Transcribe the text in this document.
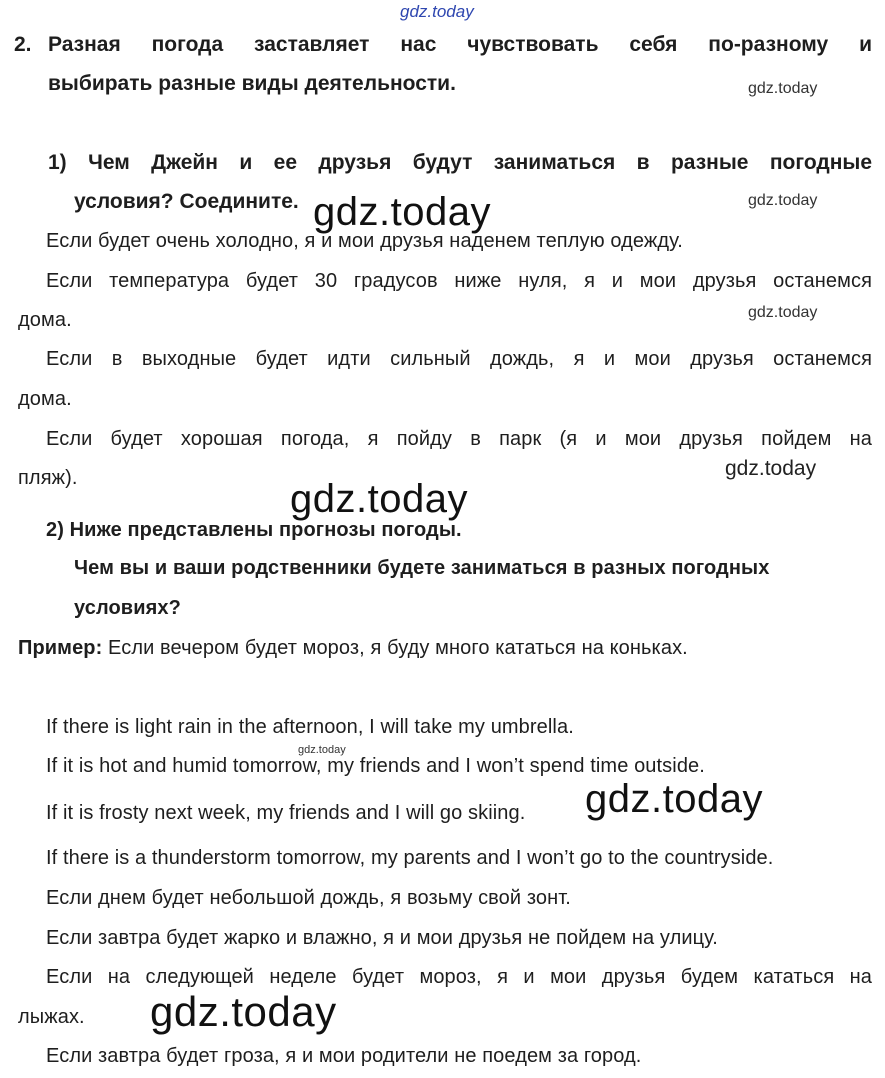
gdz.today
2. Разная погода заставляет нас чувствовать себя по-разному и
выбирать разные виды деятельности.	gdz.today
1) Чем Джейн и ее друзья будут заниматься в разные погодные
условия? Соедините.	gdz.today
gdz.today
Если будет очень холодно, я и мои друзья наденем теплую одежду.
Если температура будет 30 градусов ниже нуля, я и мои друзья останемся
дома.	gdz.today
Если в выходные будет идти сильный дождь, я и мои друзья останемся
дома.
Если будет хорошая погода, я пойду в парк (я и мои друзья пойдем на
gdz.today
пляж).	gdz.today
2) Ниже представлены прогнозы погоды.
Чем вы и ваши родственники будете заниматься в разных погодных
условиях?
Пример: Если вечером будет мороз, я буду много кататься на коньках.
If there is light rain in the afternoon, I will take my umbrella.
gdz.today
If it is hot and humid tomorrow, my friends and I won’t spend time outside.
If it is frosty next week, my friends and I will go skiing. gdz.today
If there is a thunderstorm tomorrow, my parents and I won’t go to the countryside.
Если днем будет небольшой дождь, я возьму свой зонт.
Если завтра будет жарко и влажно, я и мои друзья не пойдем на улицу.
Если на следующей неделе будет мороз, я и мои друзья будем кататься на
лыжах. gdz.today
Если завтра будет гроза, я и мои родители не поедем за город.
